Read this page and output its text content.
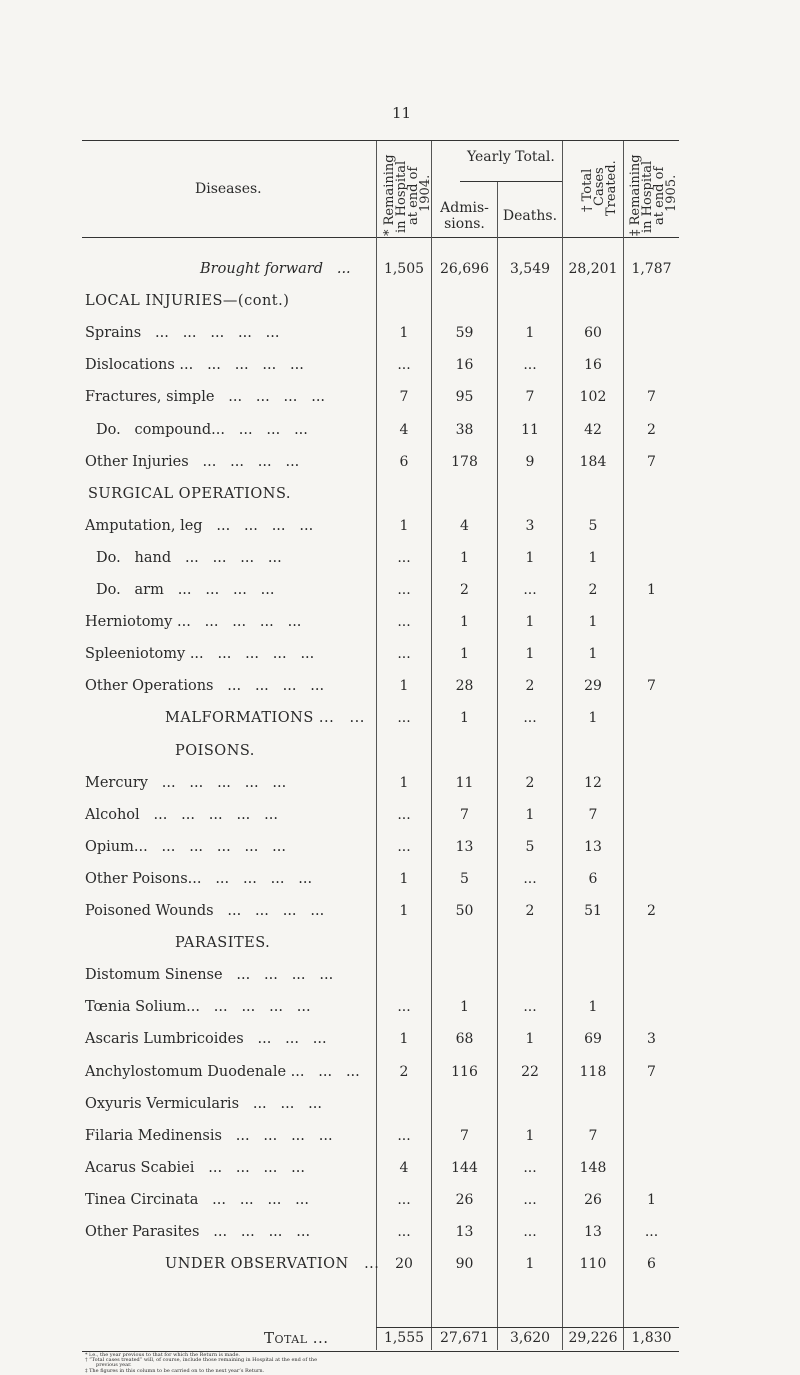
11
Diseases.	* Remaining
in Hospital
at end of
1904.
Yearly Total.
Admis-
sions.	Deaths.
† Total
Cases
Treated. ‡ Remaining
in Hospital
at end of
1905.
Brought forward   ...	1,505	26,696	3,549	28,201 1,787
LOCAL INJURIES—(cont.)
Sprains   ...   ...   ...   ...   ...	1	59	1	60
Dislocations ...   ...   ...   ...   ...	...	16	...	16
Fractures, simple   ...   ...   ...   ...	7	95	7	102	7
Do.   compound...   ...   ...   ...	4	38	11	42	2
Other Injuries   ...   ...   ...   ...	6	178	9	184	7
SURGICAL OPERATIONS.
Amputation, leg   ...   ...   ...   ...	1	4	3	5
Do.   hand   ...   ...   ...   ...	...	1	1	1
Do.   arm   ...   ...   ...   ...	...	2	...	2	1
Herniotomy ...   ...   ...   ...   ...	...	1	1	1
Spleeniotomy ...   ...   ...   ...   ...	...	1	1	1
Other Operations   ...   ...   ...   ...	1	28	2	29	7
MALFORMATIONS ...   ...	...	1	...	1
POISONS.
Mercury   ...   ...   ...   ...   ...	1	11	2	12
Alcohol   ...   ...   ...   ...   ...	...	7	1	7
Opium...   ...   ...   ...   ...   ...	...	13	5	13
Other Poisons...   ...   ...   ...   ...	1	5	...	6
Poisoned Wounds   ...   ...   ...   ...	1	50	2	51	2
PARASITES.
Distomum Sinense   ...   ...   ...   ...
Tœnia Solium...   ...   ...   ...   ...	...	1	...	1
Ascaris Lumbricoides   ...   ...   ...	1	68	1	69	3
Anchylostomum Duodenale ...   ...   ...	2	116	22	118	7
Oxyuris Vermicularis   ...   ...   ...
Filaria Medinensis   ...   ...   ...   ...	...	7	1	7
Acarus Scabiei   ...   ...   ...   ...	4	144	...	148
Tinea Circinata   ...   ...   ...   ...	...	26	...	26	1
Other Parasites   ...   ...   ...   ...	...	13	...	13	...
UNDER OBSERVATION   ...	20	90	1	110	6
Total ...	1,555	27,671	3,620	29,226 1,830
* i.e., the year previous to that for which the Return is made.
† “Total cases treated” will, of course, include those remaining in Hospital at the end of the
previous year.
‡ The figures in this column to be carried on to the next year’s Return.
